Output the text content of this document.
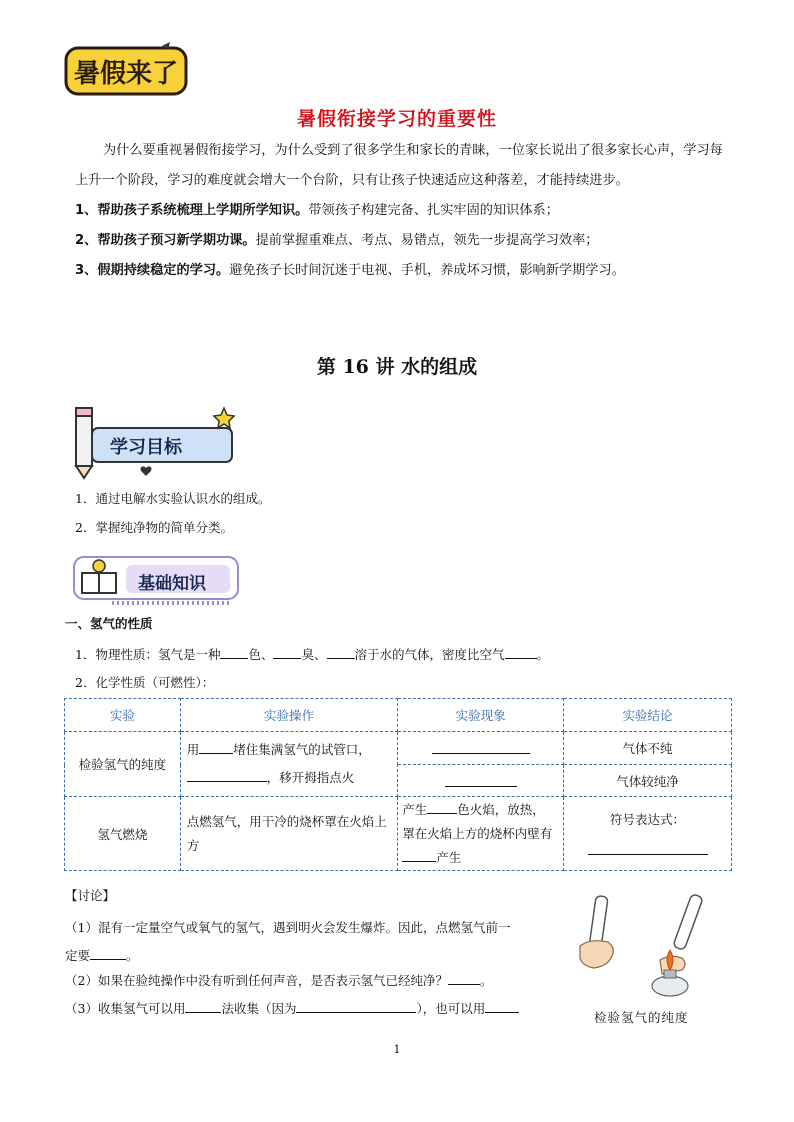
暑假来了
暑假衔接学习的重要性

为什么要重视暑假衔接学习，为什么受到了很多学生和家长的青睐，一位家长说出了很多家长心声，学习每上升一个阶段，学习的难度就会增大一个台阶，只有让孩子快速适应这种落差，才能持续进步。

1、帮助孩子系统梳理上学期所学知识。带领孩子构建完备、扎实牢固的知识体系；

2、帮助孩子预习新学期功课。提前掌握重难点、考点、易错点，领先一步提高学习效率；

3、假期持续稳定的学习。避免孩子长时间沉迷于电视、手机，养成坏习惯，影响新学期学习。

第 16 讲 水的组成
学习目标
1．通过电解水实验认识水的组成。
2．掌握纯净物的简单分类。
基础知识
一、氢气的性质
1．物理性质：氢气是一种 色、 臭、 溶于水的气体，密度比空气	。
2．化学性质（可燃性）：
实验	实验操作	实验现象	实验结论
检验氢气的纯度	用 堵住集满氢气的试管口，
，移开拇指点火		气体不纯
			气体较纯净
氢气燃烧	点燃氢气，用干冷的烧杯罩在火焰上方	产生 色火焰，放热，罩在火焰上方的烧杯内壁有产生	符号表达式：
【讨论】
（1）混有一定量空气或氧气的氢气，遇到明火会发生爆炸。因此，点燃氢气前一
定要	。
（2）如果在验纯操作中没有听到任何声音，是否表示氢气已经纯净？	。
（3）收集氢气可以用	法收集（因为	），也可以用
检验氢气的纯度
1
